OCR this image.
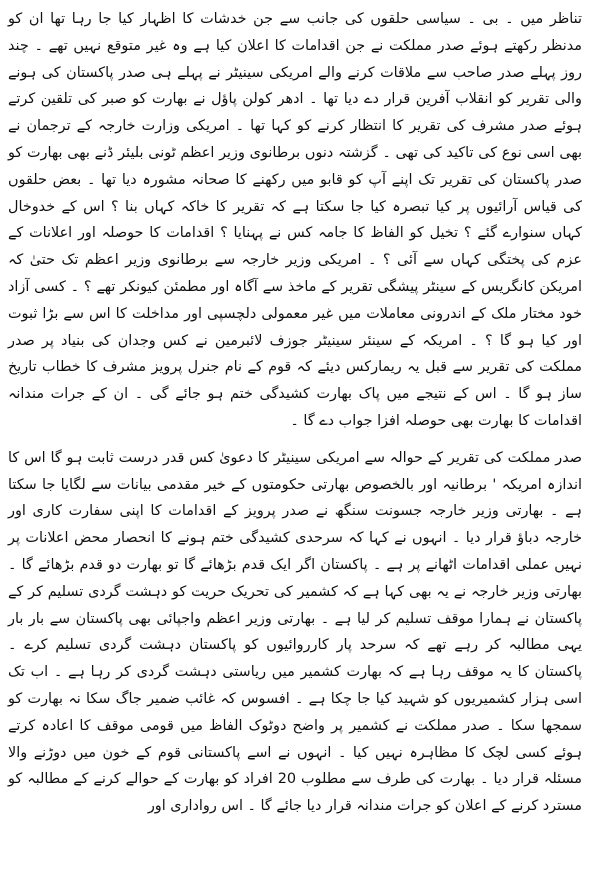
تناظر میں ۔ بی ۔ سیاسی حلقوں کی جانب سے جن خدشات کا اظہار کیا جا رہا تھا ان کو مدنظر رکھتے ہوئے صدر مملکت نے جن اقدامات کا اعلان کیا ہے وہ غیر متوقع نہیں تھے ۔ چند روز پہلے صدر صاحب سے ملاقات کرنے والے امریکی سینیٹر نے پہلے ہی صدر پاکستان کی ہونے والی تقریر کو انقلاب آفرین قرار دے دیا تھا ۔ ادھر کولن پاؤل نے بھارت کو صبر کی تلقین کرتے ہوئے صدر مشرف کی تقریر کا انتظار کرنے کو کہا تھا ۔ امریکی وزارت خارجہ کے ترجمان نے بھی اسی نوع کی تاکید کی تھی ۔ گزشتہ دنوں برطانوی وزیر اعظم ٹونی بلیئر ڈنے بھی بھارت کو صدر پاکستان کی تقریر تک اپنے آپ کو قابو میں رکھنے کا صحانہ مشورہ دیا تھا ۔ بعض حلقوں کی قیاس آرائیوں پر کیا تبصرہ کیا جا سکتا ہے کہ تقریر کا خاکہ کہاں بنا ؟ اس کے خدوخال کہاں سنوارے گئے ؟ تخیل کو الفاظ کا جامہ کس نے پہنایا ؟ اقدامات کا حوصلہ اور اعلانات کے عزم کی پختگی کہاں سے آئی ؟ ۔ امریکی وزیر خارجہ سے برطانوی وزیر اعظم تک حتیٰ کہ امریکن کانگریس کے سینٹر پیشگی تقریر کے ماخذ سے آگاہ اور مطمئن کیونکر تھے ؟ ۔ کسی آزاد خود مختار ملک کے اندرونی معاملات میں غیر معمولی دلچسپی اور مداخلت کا اس سے بڑا ثبوت اور کیا ہو گا ؟ ۔ امریکہ کے سینئر سینیٹر جوزف لائبرمین نے کس وجدان کی بنیاد پر صدر مملکت کی تقریر سے قبل یہ ریمارکس دیئے کہ قوم کے نام جنرل پرویز مشرف کا خطاب تاریخ ساز ہو گا ۔ اس کے نتیجے میں پاک بھارت کشیدگی ختم ہو جائے گی ۔ ان کے جرات مندانہ اقدامات کا بھارت بھی حوصلہ افزا جواب دے گا ۔

صدر مملکت کی تقریر کے حوالہ سے امریکی سینیٹر کا دعویٰ کس قدر درست ثابت ہو گا اس کا اندازہ امریکہ ' برطانیہ اور بالخصوص بھارتی حکومتوں کے خیر مقدمی بیانات سے لگایا جا سکتا ہے ۔ بھارتی وزیر خارجہ جسونت سنگھ نے صدر پرویز کے اقدامات کا اپنی سفارت کاری اور خارجہ دباؤ قرار دیا ۔ انہوں نے کہا کہ سرحدی کشیدگی ختم ہونے کا انحصار محض اعلانات پر نہیں عملی اقدامات اٹھانے پر ہے ۔ پاکستان اگر ایک قدم بڑھائے گا تو بھارت دو قدم بڑھائے گا ۔ بھارتی وزیر خارجہ نے یہ بھی کہا ہے کہ کشمیر کی تحریک حریت کو دہشت گردی تسلیم کر کے پاکستان نے ہمارا موقف تسلیم کر لیا ہے ۔ بھارتی وزیر اعظم واجپائی بھی پاکستان سے بار بار یہی مطالبہ کر رہے تھے کہ سرحد پار کارروائیوں کو پاکستان دہشت گردی تسلیم کرے ۔ پاکستان کا یہ موقف رہا ہے کہ بھارت کشمیر میں ریاستی دہشت گردی کر رہا ہے ۔ اب تک اسی ہزار کشمیریوں کو شہید کیا جا چکا ہے ۔ افسوس کہ غائب ضمیر جاگ سکا نہ بھارت کو سمجھا سکا ۔ صدر مملکت نے کشمیر پر واضح دوٹوک الفاظ میں قومی موقف کا اعادہ کرتے ہوئے کسی لچک کا مظاہرہ نہیں کیا ۔ انہوں نے اسے پاکستانی قوم کے خون میں دوڑنے والا مسئلہ قرار دیا ۔ بھارت کی طرف سے مطلوب 20 افراد کو بھارت کے حوالے کرنے کے مطالبہ کو مسترد کرنے کے اعلان کو جرات مندانہ قرار دیا جائے گا ۔ اس رواداری اور
